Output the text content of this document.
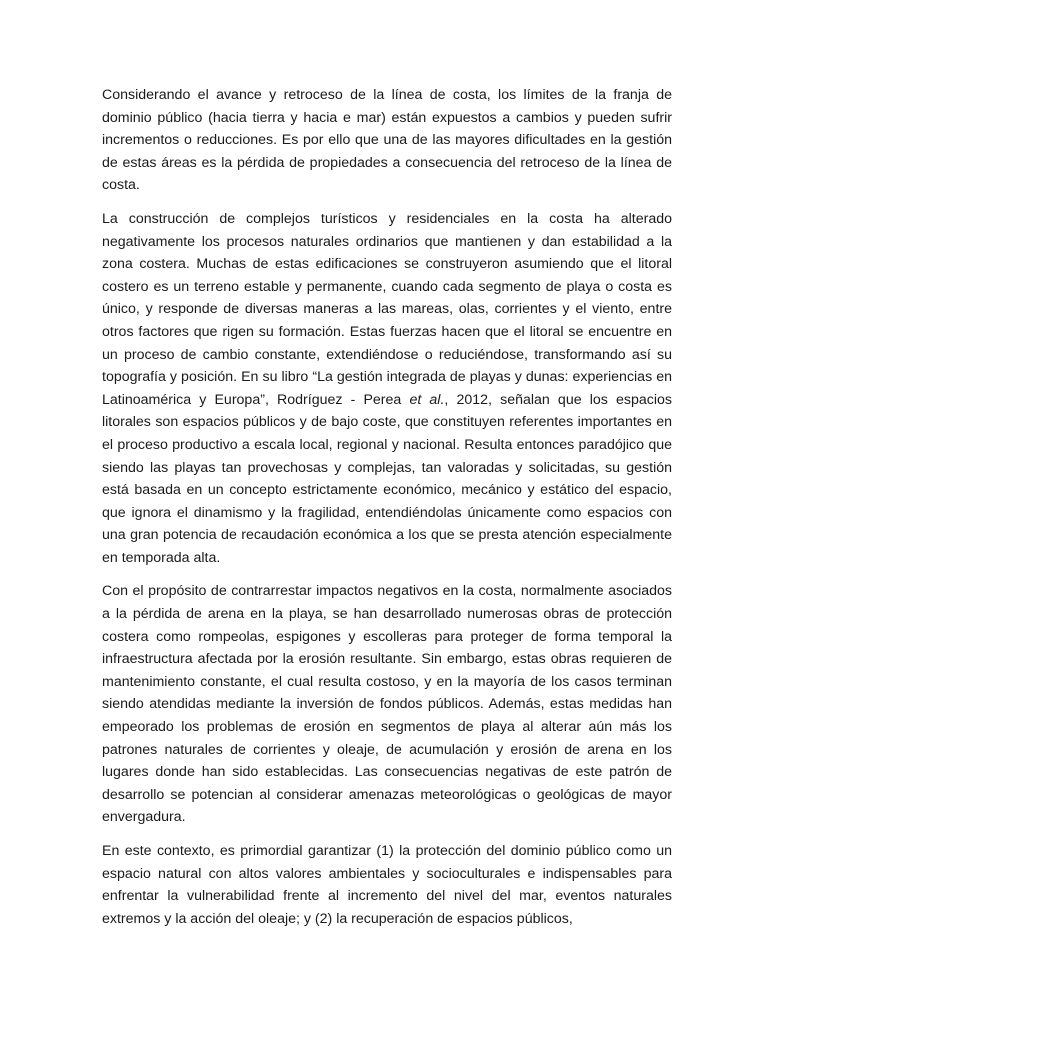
Considerando el avance y retroceso de la línea de costa, los límites de la franja de dominio público (hacia tierra y hacia e mar) están expuestos a cambios y pueden sufrir incrementos o reducciones. Es por ello que una de las mayores dificultades en la gestión de estas áreas es la pérdida de propiedades a consecuencia del retroceso de la línea de costa.

La construcción de complejos turísticos y residenciales en la costa ha alterado negativamente los procesos naturales ordinarios que mantienen y dan estabilidad a la zona costera. Muchas de estas edificaciones se construyeron asumiendo que el litoral costero es un terreno estable y permanente, cuando cada segmento de playa o costa es único, y responde de diversas maneras a las mareas, olas, corrientes y el viento, entre otros factores que rigen su formación. Estas fuerzas hacen que el litoral se encuentre en un proceso de cambio constante, extendiéndose o reduciéndose, transformando así su topografía y posición. En su libro “La gestión integrada de playas y dunas: experiencias en Latinoamérica y Europa”, Rodríguez - Perea et al., 2012, señalan que los espacios litorales son espacios públicos y de bajo coste, que constituyen referentes importantes en el proceso productivo a escala local, regional y nacional. Resulta entonces paradójico que siendo las playas tan provechosas y complejas, tan valoradas y solicitadas, su gestión está basada en un concepto estrictamente económico, mecánico y estático del espacio, que ignora el dinamismo y la fragilidad, entendiéndolas únicamente como espacios con una gran potencia de recaudación económica a los que se presta atención especialmente en temporada alta.

Con el propósito de contrarrestar impactos negativos en la costa, normalmente asociados a la pérdida de arena en la playa, se han desarrollado numerosas obras de protección costera como rompeolas, espigones y escolleras para proteger de forma temporal la infraestructura afectada por la erosión resultante. Sin embargo, estas obras requieren de mantenimiento constante, el cual resulta costoso, y en la mayoría de los casos terminan siendo atendidas mediante la inversión de fondos públicos. Además, estas medidas han empeorado los problemas de erosión en segmentos de playa al alterar aún más los patrones naturales de corrientes y oleaje, de acumulación y erosión de arena en los lugares donde han sido establecidas. Las consecuencias negativas de este patrón de desarrollo se potencian al considerar amenazas meteorológicas o geológicas de mayor envergadura.

En este contexto, es primordial garantizar (1) la protección del dominio público como un espacio natural con altos valores ambientales y socioculturales e indispensables para enfrentar la vulnerabilidad frente al incremento del nivel del mar, eventos naturales extremos y la acción del oleaje; y (2) la recuperación de espacios públicos,
